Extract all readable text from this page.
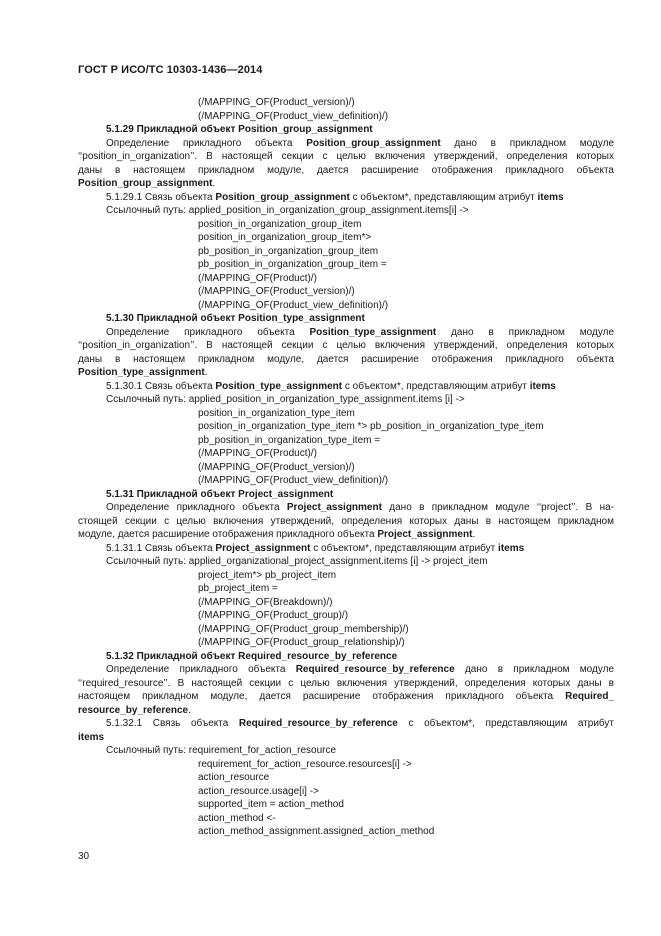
ГОСТ Р ИСО/ТС 10303-1436—2014
(/MAPPING_OF(Product_version)/)
(/MAPPING_OF(Product_view_definition)/)
5.1.29 Прикладной объект Position_group_assignment
Определение прикладного объекта Position_group_assignment дано в прикладном модуле
‘‘position_in_organization’’. В настоящей секции с целью включения утверждений, определения которых
даны в настоящем прикладном модуле, дается расширение отображения прикладного объекта
Position_group_assignment.
5.1.29.1 Связь объекта Position_group_assignment с объектом*, представляющим атрибут items
Ссылочный путь: applied_position_in_organization_group_assignment.items[i] ->
position_in_organization_group_item
position_in_organization_group_item*>
pb_position_in_organization_group_item
pb_position_in_organization_group_item =
(/MAPPING_OF(Product)/)
(/MAPPING_OF(Product_version)/)
(/MAPPING_OF(Product_view_definition)/)
5.1.30 Прикладной объект Position_type_assignment
Определение прикладного объекта Position_type_assignment дано в прикладном модуле
‘‘position_in_organization’’. В настоящей секции с целью включения утверждений, определения которых
даны в настоящем прикладном модуле, дается расширение отображения прикладного объекта
Position_type_assignment.
5.1.30.1 Связь объекта Position_type_assignment с объектом*, представляющим атрибут items
Ссылочный путь: applied_position_in_organization_type_assignment.items [i] ->
position_in_organization_type_item
position_in_organization_type_item *> pb_position_in_organization_type_item
pb_position_in_organization_type_item =
(/MAPPING_OF(Product)/)
(/MAPPING_OF(Product_version)/)
(/MAPPING_OF(Product_view_definition)/)
5.1.31 Прикладной объект Project_assignment
Определение прикладного объекта Project_assignment дано в прикладном модуле ‘‘project’’. В на-
стоящей секции с целью включения утверждений, определения которых даны в настоящем прикладном
модуле, дается расширение отображения прикладного объекта Project_assignment.
5.1.31.1 Связь объекта Project_assignment с объектом*, представляющим атрибут items
Ссылочный путь: applied_organizational_project_assignment.items [i] -> project_item
project_item*> pb_project_item
pb_project_item =
(/MAPPING_OF(Breakdown)/)
(/MAPPING_OF(Product_group)/)
(/MAPPING_OF(Product_group_membership)/)
(/MAPPING_OF(Product_group_relationship)/)
5.1.32 Прикладной объект Required_resource_by_reference
Определение прикладного объекта Required_resource_by_reference дано в прикладном модуле
‘‘required_resource’’. В настоящей секции с целью включения утверждений, определения которых даны в
настоящем прикладном модуле, дается расширение отображения прикладного объекта Required_
resource_by_reference.
5.1.32.1 Связь объекта Required_resource_by_reference с объектом*, представляющим атрибут
items
Ссылочный путь: requirement_for_action_resource
requirement_for_action_resource.resources[i] ->
action_resource
action_resource.usage[i] ->
supported_item = action_method
action_method <-
action_method_assignment.assigned_action_method
30
